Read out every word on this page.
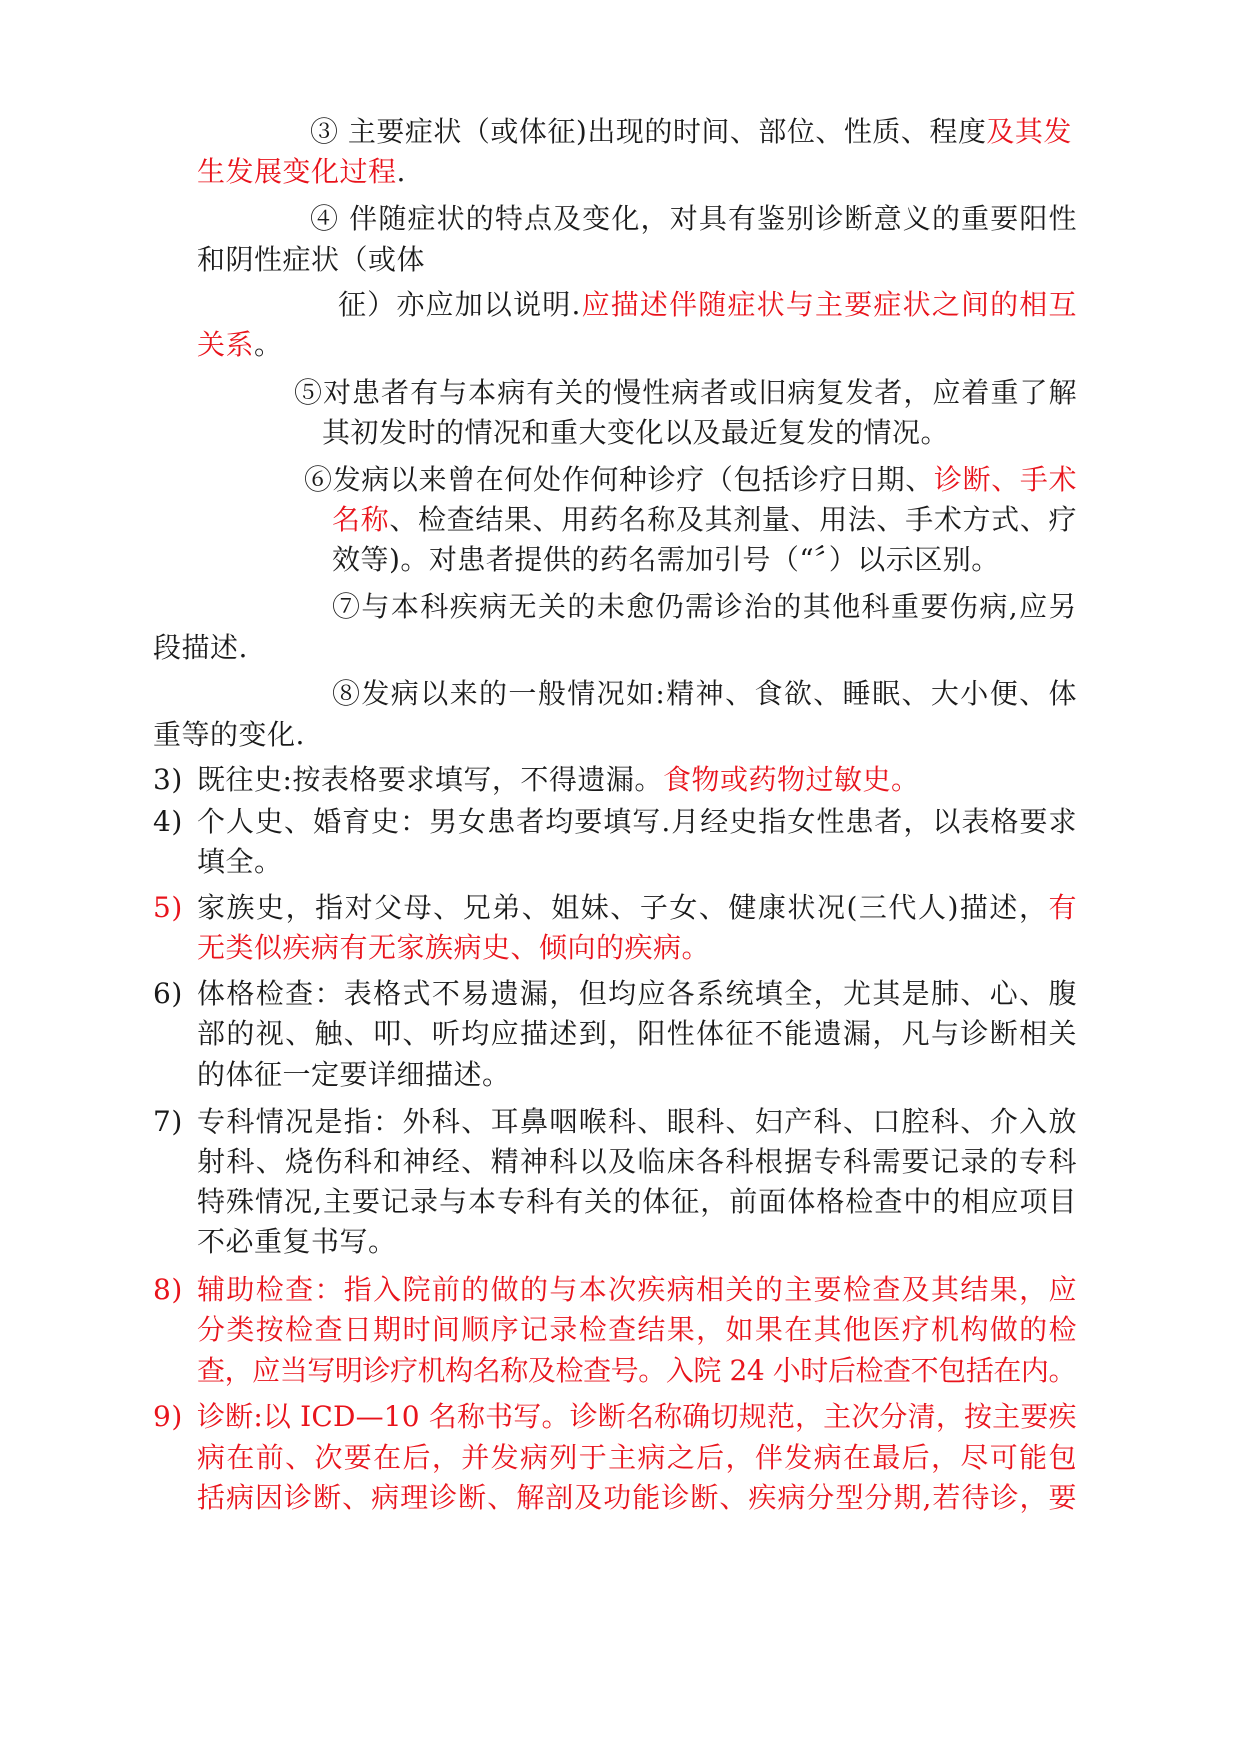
③ 主要症状（或体征)出现的时间、部位、性质、程度及其发
生发展变化过程.
④ 伴随症状的特点及变化，对具有鉴别诊断意义的重要阳性
和阴性症状（或体
征）亦应加以说明.应描述伴随症状与主要症状之间的相互
关系。
⑤对患者有与本病有关的慢性病者或旧病复发者，应着重了解
其初发时的情况和重大变化以及最近复发的情况。
⑥发病以来曾在何处作何种诊疗（包括诊疗日期、诊断、手术
名称、检查结果、用药名称及其剂量、用法、手术方式、疗
效等)。对患者提供的药名需加引号（“〞）以示区别。
⑦与本科疾病无关的未愈仍需诊治的其他科重要伤病,应另
段描述.
⑧发病以来的一般情况如:精神、食欲、睡眠、大小便、体
重等的变化.
3) 既往史:按表格要求填写，不得遗漏。食物或药物过敏史。
4) 个人史、婚育史：男女患者均要填写.月经史指女性患者，以表格要求
填全。
5) 家族史，指对父母、兄弟、姐妹、子女、健康状况(三代人)描述，有
无类似疾病有无家族病史、倾向的疾病。
6) 体格检查：表格式不易遗漏，但均应各系统填全，尤其是肺、心、腹
部的视、触、叩、听均应描述到，阳性体征不能遗漏，凡与诊断相关
的体征一定要详细描述。
7) 专科情况是指：外科、耳鼻咽喉科、眼科、妇产科、口腔科、介入放
射科、烧伤科和神经、精神科以及临床各科根据专科需要记录的专科
特殊情况,主要记录与本专科有关的体征，前面体格检查中的相应项目
不必重复书写。
8) 辅助检查：指入院前的做的与本次疾病相关的主要检查及其结果，应
分类按检查日期时间顺序记录检查结果，如果在其他医疗机构做的检
查，应当写明诊疗机构名称及检查号。入院 24 小时后检查不包括在内。
9) 诊断:以 ICD—10 名称书写。诊断名称确切规范，主次分清，按主要疾
病在前、次要在后，并发病列于主病之后，伴发病在最后，尽可能包
括病因诊断、病理诊断、解剖及功能诊断、疾病分型分期,若待诊，要
